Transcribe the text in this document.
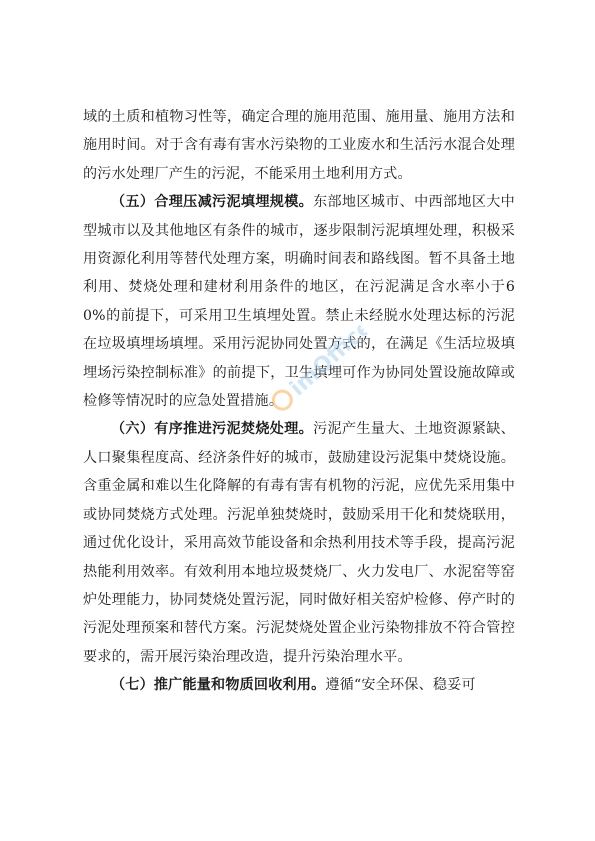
域的土质和植物习性等，确定合理的施用范围、施用量、施用方法和施用时间。对于含有毒有害水污染物的工业废水和生活污水混合处理的污水处理厂产生的污泥，不能采用土地利用方式。

（五）合理压减污泥填埋规模。东部地区城市、中西部地区大中型城市以及其他地区有条件的城市，逐步限制污泥填埋处理，积极采用资源化利用等替代处理方案，明确时间表和路线图。暂不具备土地利用、焚烧处理和建材利用条件的地区，在污泥满足含水率小于60%的前提下，可采用卫生填埋处置。禁止未经脱水处理达标的污泥在垃圾填埋场填埋。采用污泥协同处置方式的，在满足《生活垃圾填埋场污染控制标准》的前提下，卫生填埋可作为协同处置设施故障或检修等情况时的应急处置措施。

（六）有序推进污泥焚烧处理。污泥产生量大、土地资源紧缺、人口聚集程度高、经济条件好的城市，鼓励建设污泥集中焚烧设施。含重金属和难以生化降解的有毒有害有机物的污泥，应优先采用集中或协同焚烧方式处理。污泥单独焚烧时，鼓励采用干化和焚烧联用，通过优化设计，采用高效节能设备和余热利用技术等手段，提高污泥热能利用效率。有效利用本地垃圾焚烧厂、火力发电厂、水泥窑等窑炉处理能力，协同焚烧处置污泥，同时做好相关窑炉检修、停产时的污泥处理预案和替代方案。污泥焚烧处置企业污染物排放不符合管控要求的，需开展污染治理改造，提升污染治理水平。

（七）推广能量和物质回收利用。遵循“安全环保、稳妥可

imOffice
